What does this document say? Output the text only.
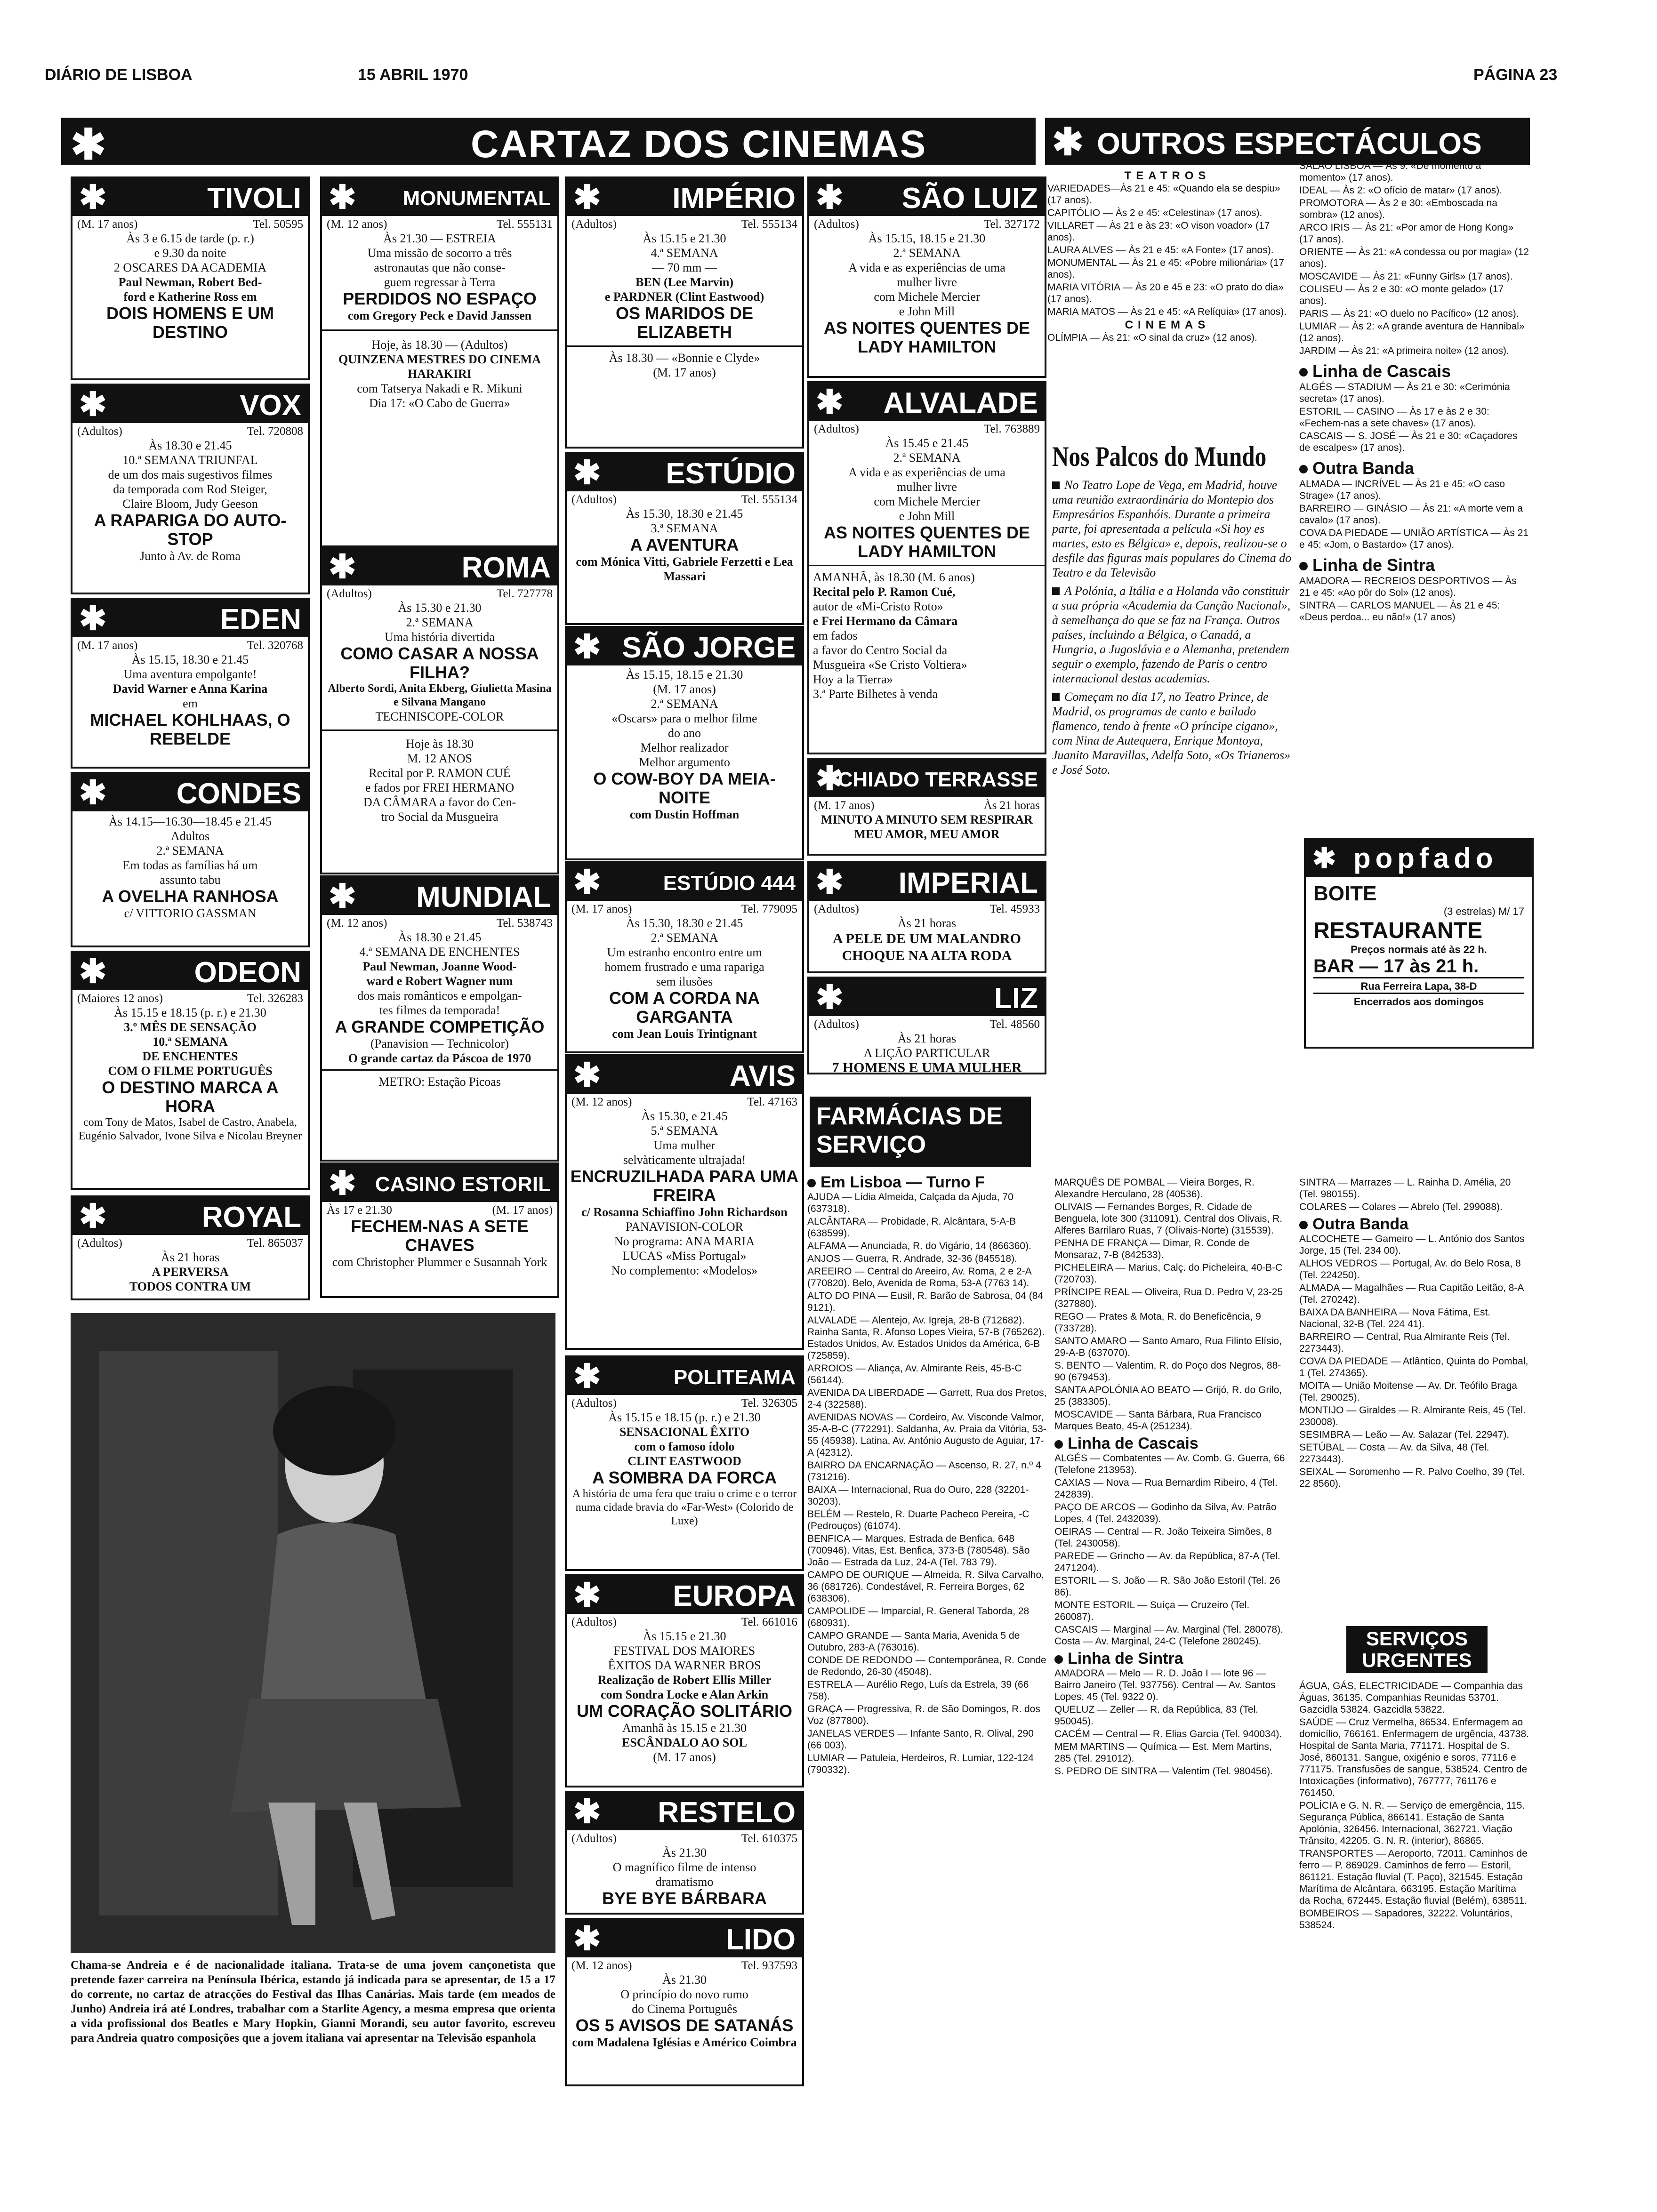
DIÁRIO DE LISBOA	15 ABRIL 1970	PÁGINA 23
✱	CARTAZ DOS CINEMAS	✱ OUTROS ESPECTÁCULOS
✱	TIVOLI
(M. 17 anos)	Tel. 50595
Às 3 e 6.15 de tarde (p. r.)
e 9.30 da noite
2 OSCARES DA ACADEMIA
Paul Newman, Robert Bed-
ford e Katherine Ross em
DOIS HOMENS E UM DESTINO
✱	VOX
(Adultos)	Tel. 720808
Às 18.30 e 21.45
10.ª SEMANA TRIUNFAL
de um dos mais sugestivos filmes
da temporada com Rod Steiger,
Claire Bloom, Judy Geeson
A RAPARIGA DO AUTO-STOP
Junto à Av. de Roma
✱	EDEN
(M. 17 anos)	Tel. 320768
Às 15.15, 18.30 e 21.45
Uma aventura empolgante!
David Warner e Anna Karina
em
MICHAEL KOHLHAAS, O REBELDE
✱ CONDES
Às 14.15—16.30—18.45 e 21.45
Adultos
2.ª SEMANA
Em todas as famílias há um
assunto tabu
A OVELHA RANHOSA
c/ VITTORIO GASSMAN
✱	ODEON
(Maiores 12 anos)	Tel. 326283
Às 15.15 e 18.15 (p. r.) e 21.30
3.º MÊS DE SENSAÇÃO
10.ª SEMANA
DE ENCHENTES
COM O FILME PORTUGUÊS
O DESTINO MARCA A HORA
com Tony de Matos, Isabel de Castro, Anabela, Eugénio Salvador, Ivone Silva e Nicolau Breyner
✱	ROYAL
(Adultos)	Tel. 865037
Às 21 horas
A PERVERSA
TODOS CONTRA UM
✱ MONUMENTAL
(M. 12 anos)	Tel. 555131
Às 21.30 — ESTREIA
Uma missão de socorro a três
astronautas que não conse-
guem regressar à Terra
PERDIDOS NO ESPAÇO
com Gregory Peck e David Janssen
Hoje, às 18.30 — (Adultos)
QUINZENA MESTRES DO CINEMA
HARAKIRI
com Tatserya Nakadi e R. Mikuni
Dia 17: «O Cabo de Guerra»
✱	ROMA
(Adultos)	Tel. 727778
Às 15.30 e 21.30
2.ª SEMANA
Uma história divertida
COMO CASAR A NOSSA FILHA?
Alberto Sordi, Anita Ekberg, Giulietta Masina e Silvana Mangano
TECHNISCOPE-COLOR
Hoje às 18.30
M. 12 ANOS
Recital por P. RAMON CUÉ
e fados por FREI HERMANO
DA CÂMARA a favor do Cen-
tro Social da Musgueira
✱ MUNDIAL
(M. 12 anos)	Tel. 538743
Às 18.30 e 21.45
4.ª SEMANA DE ENCHENTES
Paul Newman, Joanne Wood-
ward e Robert Wagner num
dos mais românticos e empolgan-
tes filmes da temporada!
A GRANDE COMPETIÇÃO
(Panavision — Technicolor)
O grande cartaz da Páscoa de 1970
METRO: Estação Picoas
✱ CASINO ESTORIL
Às 17 e 21.30	(M. 17 anos)
FECHEM-NAS A SETE CHAVES
com Christopher Plummer e Susannah York
Chama-se Andreia e é de nacionalidade italiana. Trata-se de uma jovem cançonetista que pretende fazer carreira na Península Ibérica, estando já indicada para se apresentar, de 15 a 17 do corrente, no cartaz de atracções do Festival das Ilhas Canárias. Mais tarde (em meados de Junho) Andreia irá até Londres, trabalhar com a Starlite Agency, a mesma empresa que orienta a vida profissional dos Beatles e Mary Hopkin, Gianni Morandi, seu autor favorito, escreveu para Andreia quatro composições que a jovem italiana vai apresentar na Televisão espanhola
✱ IMPÉRIO
(Adultos)	Tel. 555134
Às 15.15 e 21.30
4.ª SEMANA
— 70 mm —
BEN (Lee Marvin)
e PARDNER (Clint Eastwood)
OS MARIDOS DE ELIZABETH
Às 18.30 — «Bonnie e Clyde»
(M. 17 anos)
✱ ESTÚDIO
(Adultos)	Tel. 555134
Às 15.30, 18.30 e 21.45
3.ª SEMANA
A AVENTURA
com Mónica Vitti, Gabriele Ferzetti e Lea Massari
✱ SÃO JORGE
Às 15.15, 18.15 e 21.30
(M. 17 anos)
2.ª SEMANA
«Oscars» para o melhor filme
do ano
Melhor realizador
Melhor argumento
O COW-BOY DA MEIA-NOITE
com Dustin Hoffman
✱	ESTÚDIO 444
(M. 17 anos)	Tel. 779095
Às 15.30, 18.30 e 21.45
2.ª SEMANA
Um estranho encontro entre um
homem frustrado e uma rapariga
sem ilusões
COM A CORDA NA GARGANTA
com Jean Louis Trintignant
✱	AVIS
(M. 12 anos)	Tel. 47163
Às 15.30, e 21.45
5.ª SEMANA
Uma mulher
selvàticamente ultrajada!
ENCRUZILHADA PARA UMA FREIRA
c/ Rosanna Schiaffino John Richardson
PANAVISION-COLOR
No programa: ANA MARIA
LUCAS «Miss Portugal»
No complemento: «Modelos»
✱	POLITEAMA
(Adultos)	Tel. 326305
Às 15.15 e 18.15 (p. r.) e 21.30
SENSACIONAL ÊXITO
com o famoso ídolo
CLINT EASTWOOD
A SOMBRA DA FORCA
A história de uma fera que traiu o crime e o terror numa cidade bravia do «Far-West» (Colorido de Luxe)
✱ EUROPA
(Adultos)	Tel. 661016
Às 15.15 e 21.30
FESTIVAL DOS MAIORES
ÊXITOS DA WARNER BROS
Realização de Robert Ellis Miller
com Sondra Locke e Alan Arkin
UM CORAÇÃO SOLITÁRIO
Amanhã às 15.15 e 21.30
ESCÂNDALO AO SOL
(M. 17 anos)
✱ RESTELO
(Adultos)	Tel. 610375
Às 21.30
O magnífico filme de intenso
dramatismo
BYE BYE BÁRBARA
✱	LIDO
(M. 12 anos)	Tel. 937593
Às 21.30
O princípio do novo rumo
do Cinema Português
OS 5 AVISOS DE SATANÁS
com Madalena Iglésias e Américo Coimbra
✱ SÃO LUIZ
(Adultos)	Tel. 327172
Às 15.15, 18.15 e 21.30
2.ª SEMANA
A vida e as experiências de uma
mulher livre
com Michele Mercier
e John Mill
AS NOITES QUENTES DE LADY HAMILTON
✱ ALVALADE
(Adultos)	Tel. 763889
Às 15.45 e 21.45
2.ª SEMANA
A vida e as experiências de uma
mulher livre
com Michele Mercier
e John Mill
AS NOITES QUENTES DE LADY HAMILTON
AMANHÃ, às 18.30 (M. 6 anos)
Recital pelo P. Ramon Cué,
autor de «Mi-Cristo Roto»
e Frei Hermano da Câmara
em fados
a favor do Centro Social da
Musgueira «Se Cristo Voltiera»
Hoy a la Tierra»
3.ª Parte Bilhetes à venda
✱
CHIADO TERRASSE
(M. 17 anos)	Às 21 horas
MINUTO A MINUTO SEM RESPIRAR
MEU AMOR, MEU AMOR
✱ IMPERIAL
(Adultos)	Tel. 45933
Às 21 horas
A PELE DE UM MALANDRO CHOQUE NA ALTA RODA
✱	LIZ
(Adultos)	Tel. 48560
Às 21 horas
A LIÇÃO PARTICULAR
7 HOMENS E UMA MULHER
TEATROS

VARIEDADES—Às 21 e 45: «Quando ela se despiu» (17 anos).

CAPITÓLIO — Às 2 e 45: «Celestina» (17 anos).

VILLARET — Às 21 e às 23: «O vison voador» (17 anos).

LAURA ALVES — Às 21 e 45: «A Fonte» (17 anos).

MONUMENTAL — Às 21 e 45: «Pobre milionária» (17 anos).

MARIA VITÓRIA — Às 20 e 45 e 23: «O prato do dia» (17 anos).

MARIA MATOS — Às 21 e 45: «A Relíquia» (17 anos).

CINEMAS

OLÍMPIA — Às 21: «O sinal da cruz» (12 anos).

SALÃO LISBOA — Às 9: «De momento a momento» (17 anos).

IDEAL — Às 2: «O ofício de matar» (17 anos).

PROMOTORA — Às 2 e 30: «Emboscada na sombra» (12 anos).

ARCO IRIS — Às 21: «Por amor de Hong Kong» (17 anos).

ORIENTE — Às 21: «A condessa ou por magia» (12 anos).

MOSCAVIDE — Às 21: «Funny Girls» (17 anos).

COLISEU — Às 2 e 30: «O monte gelado» (17 anos).

PARIS — Às 21: «O duelo no Pacífico» (12 anos).

LUMIAR — Às 2: «A grande aventura de Hannibal» (12 anos).

JARDIM — Às 21: «A primeira noite» (12 anos).

Linha de Cascais

ALGÉS — STADIUM — Às 21 e 30: «Cerimónia secreta» (17 anos).

ESTORIL — CASINO — Às 17 e às 2 e 30: «Fechem-nas a sete chaves» (17 anos).

CASCAIS — S. JOSÉ — Às 21 e 30: «Caçadores de escalpes» (17 anos).

Outra Banda

ALMADA — INCRÍVEL — Às 21 e 45: «O caso Strage» (17 anos).

BARREIRO — GINÁSIO — Às 21: «A morte vem a cavalo» (17 anos).

COVA DA PIEDADE — UNIÃO ARTÍSTICA — Às 21 e 45: «Jom, o Bastardo» (17 anos).

Linha de Sintra

AMADORA — RECREIOS DESPORTIVOS — Às 21 e 45: «Ao pôr do Sol» (12 anos).

SINTRA — CARLOS MANUEL — Às 21 e 45: «Deus perdoa... eu não!» (17 anos)

Nos Palcos do Mundo

No Teatro Lope de Vega, em Madrid, houve uma reunião extraordinária do Montepio dos Empresários Espanhóis. Durante a primeira parte, foi apresentada a película «Si hoy es martes, esto es Bélgica» e, depois, realizou-se o desfile das figuras mais populares do Cinema do Teatro e da Televisão

A Polónia, a Itália e a Holanda vão constituir a sua própria «Academia da Canção Nacional», à semelhança do que se faz na França. Outros países, incluindo a Bélgica, o Canadá, a Hungria, a Jugoslávia e a Alemanha, pretendem seguir o exemplo, fazendo de Paris o centro internacional destas academias.

Começam no dia 17, no Teatro Prince, de Madrid, os programas de canto e bailado flamenco, tendo à frente «O príncipe cigano», com Nina de Autequera, Enrique Montoya, Juanito Maravillas, Adelfa Soto, «Os Trianeros» e José Soto.

✱ popfado
BOITE
(3 estrelas) M/ 17
RESTAURANTE
Preços normais até às 22 h.
BAR — 17 às 21 h.
Rua Ferreira Lapa, 38-D
Encerrados aos domingos
FARMÁCIAS DE SERVIÇO
Em Lisboa — Turno F

AJUDA — Lídia Almeida, Calçada da Ajuda, 70 (637318).

ALCÂNTARA — Probidade, R. Alcântara, 5-A-B (638599).

ALFAMA — Anunciada, R. do Vigário, 14 (866360).

ANJOS — Guerra, R. Andrade, 32-36 (845518).

AREEIRO — Central do Areeiro, Av. Roma, 2 e 2-A (770820). Belo, Avenida de Roma, 53-A (7763 14).

ALTO DO PINA — Eusil, R. Barão de Sabrosa, 04 (84 9121).

ALVALADE — Alentejo, Av. Igreja, 28-B (712682). Rainha Santa, R. Afonso Lopes Vieira, 57-B (765262). Estados Unidos, Av. Estados Unidos da América, 6-B (725859).

ARROIOS — Aliança, Av. Almirante Reis, 45-B-C (56144).

AVENIDA DA LIBERDADE — Garrett, Rua dos Pretos, 2-4 (322588).

AVENIDAS NOVAS — Cordeiro, Av. Visconde Valmor, 35-A-B-C (772291). Saldanha, Av. Praia da Vitória, 53-55 (45938). Latina, Av. António Augusto de Aguiar, 17-A (42312).

BAIRRO DA ENCARNAÇÃO — Ascenso, R. 27, n.º 4 (731216).

BAIXA — Internacional, Rua do Ouro, 228 (32201-30203).

BELÉM — Restelo, R. Duarte Pacheco Pereira, -C (Pedrouços) (61074).

BENFICA — Marques, Estrada de Benfica, 648 (700946). Vitas, Est. Benfica, 373-B (780548). São João — Estrada da Luz, 24-A (Tel. 783 79).

CAMPO DE OURIQUE — Almeida, R. Silva Carvalho, 36 (681726). Condestável, R. Ferreira Borges, 62 (638306).

CAMPOLIDE — Imparcial, R. General Taborda, 28 (680931).

CAMPO GRANDE — Santa Maria, Avenida 5 de Outubro, 283-A (763016).

CONDE DE REDONDO — Contemporânea, R. Conde de Redondo, 26-30 (45048).

ESTRELA — Aurélio Rego, Luís da Estrela, 39 (66 758).

GRAÇA — Progressiva, R. de São Domingos, R. dos Voz (877800).

JANELAS VERDES — Infante Santo, R. Olival, 290 (66 003).

LUMIAR — Patuleia, Herdeiros, R. Lumiar, 122-124 (790332).

MARQUÊS DE POMBAL — Vieira Borges, R. Alexandre Herculano, 28 (40536).

OLIVAIS — Fernandes Borges, R. Cidade de Benguela, lote 300 (311091). Central dos Olivais, R. Alferes Barrilaro Ruas, 7 (Olivais-Norte) (315539).

PENHA DE FRANÇA — Dimar, R. Conde de Monsaraz, 7-B (842533).

PICHELEIRA — Marius, Calç. do Picheleira, 40-B-C (720703).

PRÍNCIPE REAL — Oliveira, Rua D. Pedro V, 23-25 (327880).

REGO — Prates & Mota, R. do Beneficência, 9 (733728).

SANTO AMARO — Santo Amaro, Rua Filinto Elísio, 29-A-B (637070).

S. BENTO — Valentim, R. do Poço dos Negros, 88-90 (679453).

SANTA APOLÓNIA AO BEATO — Grijó, R. do Grilo, 25 (383305).

MOSCAVIDE — Santa Bárbara, Rua Francisco Marques Beato, 45-A (251234).

Linha de Cascais

ALGÉS — Combatentes — Av. Comb. G. Guerra, 66 (Telefone 213953).

CAXIAS — Nova — Rua Bernardim Ribeiro, 4 (Tel. 242839).

PAÇO DE ARCOS — Godinho da Silva, Av. Patrão Lopes, 4 (Tel. 2432039).

OEIRAS — Central — R. João Teixeira Simões, 8 (Tel. 2430058).

PAREDE — Grincho — Av. da República, 87-A (Tel. 2471204).

ESTORIL — S. João — R. São João Estoril (Tel. 26 86).

MONTE ESTORIL — Suíça — Cruzeiro (Tel. 260087).

CASCAIS — Marginal — Av. Marginal (Tel. 280078). Costa — Av. Marginal, 24-C (Telefone 280245).

Linha de Sintra

AMADORA — Melo — R. D. João I — lote 96 — Bairro Janeiro (Tel. 937756). Central — Av. Santos Lopes, 45 (Tel. 9322 0).

QUELUZ — Zeller — R. da República, 83 (Tel. 950045).

CACÉM — Central — R. Elias Garcia (Tel. 940034).

MEM MARTINS — Química — Est. Mem Martins, 285 (Tel. 291012).

S. PEDRO DE SINTRA — Valentim (Tel. 980456).

SINTRA — Marrazes — L. Rainha D. Amélia, 20 (Tel. 980155).

COLARES — Colares — Abrelo (Tel. 299088).

Outra Banda

ALCOCHETE — Gameiro — L. António dos Santos Jorge, 15 (Tel. 234 00).

ALHOS VEDROS — Portugal, Av. do Belo Rosa, 8 (Tel. 224250).

ALMADA — Magalhães — Rua Capitão Leitão, 8-A (Tel. 270242).

BAIXA DA BANHEIRA — Nova Fátima, Est. Nacional, 32-B (Tel. 224 41).

BARREIRO — Central, Rua Almirante Reis (Tel. 2273443).

COVA DA PIEDADE — Atlântico, Quinta do Pombal, 1 (Tel. 274365).

MOITA — União Moitense — Av. Dr. Teófilo Braga (Tel. 290025).

MONTIJO — Giraldes — R. Almirante Reis, 45 (Tel. 230008).

SESIMBRA — Leão — Av. Salazar (Tel. 22947).

SETÚBAL — Costa — Av. da Silva, 48 (Tel. 2273443).

SEIXAL — Soromenho — R. Palvo Coelho, 39 (Tel. 22 8560).

SERVIÇOS URGENTES

ÁGUA, GÁS, ELECTRICIDADE — Companhia das Águas, 36135. Companhias Reunidas 53701. Gazcidla 53824. Gazcidla 53822.

SAÚDE — Cruz Vermelha, 86534. Enfermagem ao domicílio, 766161. Enfermagem de urgência, 43738. Hospital de Santa Maria, 771171. Hospital de S. José, 860131. Sangue, oxigénio e soros, 77116 e 771175. Transfusões de sangue, 538524. Centro de Intoxicações (informativo), 767777, 761176 e 761450.

POLÍCIA e G. N. R. — Serviço de emergência, 115. Segurança Pública, 866141. Estação de Santa Apolónia, 326456. Internacional, 362721. Viação Trânsito, 42205. G. N. R. (interior), 86865.

TRANSPORTES — Aeroporto, 72011. Caminhos de ferro — P. 869029. Caminhos de ferro — Estoril, 861121. Estação fluvial (T. Paço), 321545. Estação Marítima de Alcântara, 663195. Estação Marítima da Rocha, 672445. Estação fluvial (Belém), 638511.

BOMBEIROS — Sapadores, 32222. Voluntários, 538524.
